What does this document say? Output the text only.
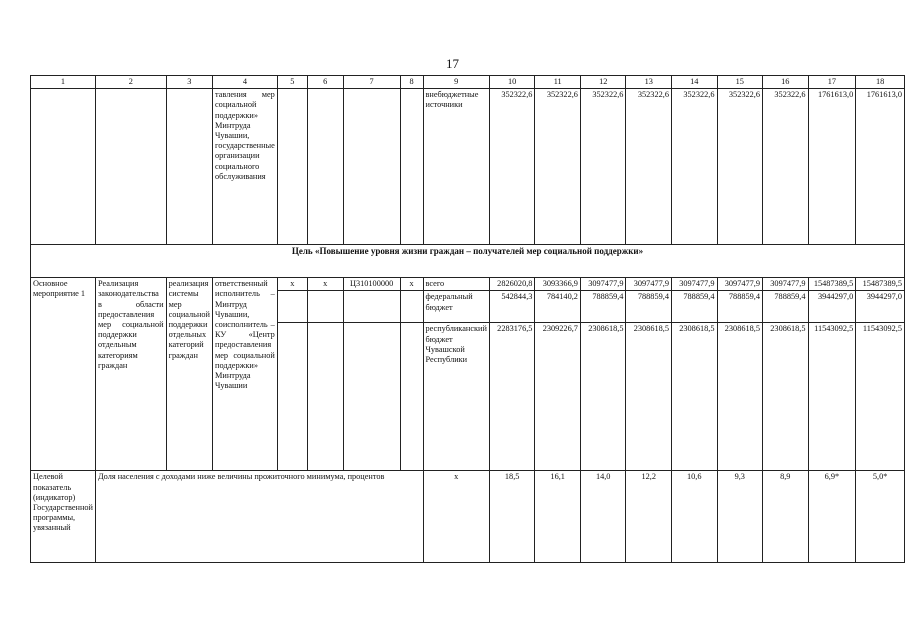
17
1	2	3	4	5	6	7	8	9	10	11	12	13	14	15	16	17	18
			тавления мер социальной поддержки» Минтруда Чувашии, государственные организации социального обслуживания					внебюджетные источники	352322,6	352322,6	352322,6	352322,6	352322,6	352322,6	352322,6	1761613,0	1761613,0
Цель «Повышение уровня жизни граждан – получателей мер социальной поддержки»																	
Основное мероприятие 1	Реализация законодательства в области предоставления мер социальной поддержки отдельным категориям граждан	реализация системы мер социальной поддержки отдельных категорий граждан	ответственный исполнитель – Минтруд Чувашии, соисполнитель – КУ «Центр предоставления мер социальной поддержки» Минтруда Чувашии	х	х	Ц310100000	х	всего	2826020,8	3093366,9	3097477,9	3097477,9	3097477,9	3097477,9	3097477,9	15487389,5	15487389,5
								федеральный бюджет	542844,3	784140,2	788859,4	788859,4	788859,4	788859,4	788859,4	3944297,0	3944297,0
								республиканский бюджет Чувашской Республики	2283176,5	2309226,7	2308618,5	2308618,5	2308618,5	2308618,5	2308618,5	11543092,5	11543092,5
Целевой показатель (индикатор) Государственной программы, увязанный	Доля населения с доходами ниже величины прожиточного минимума, процентов							х	18,5	16,1	14,0	12,2	10,6	9,3	8,9	6,9*	5,0*
